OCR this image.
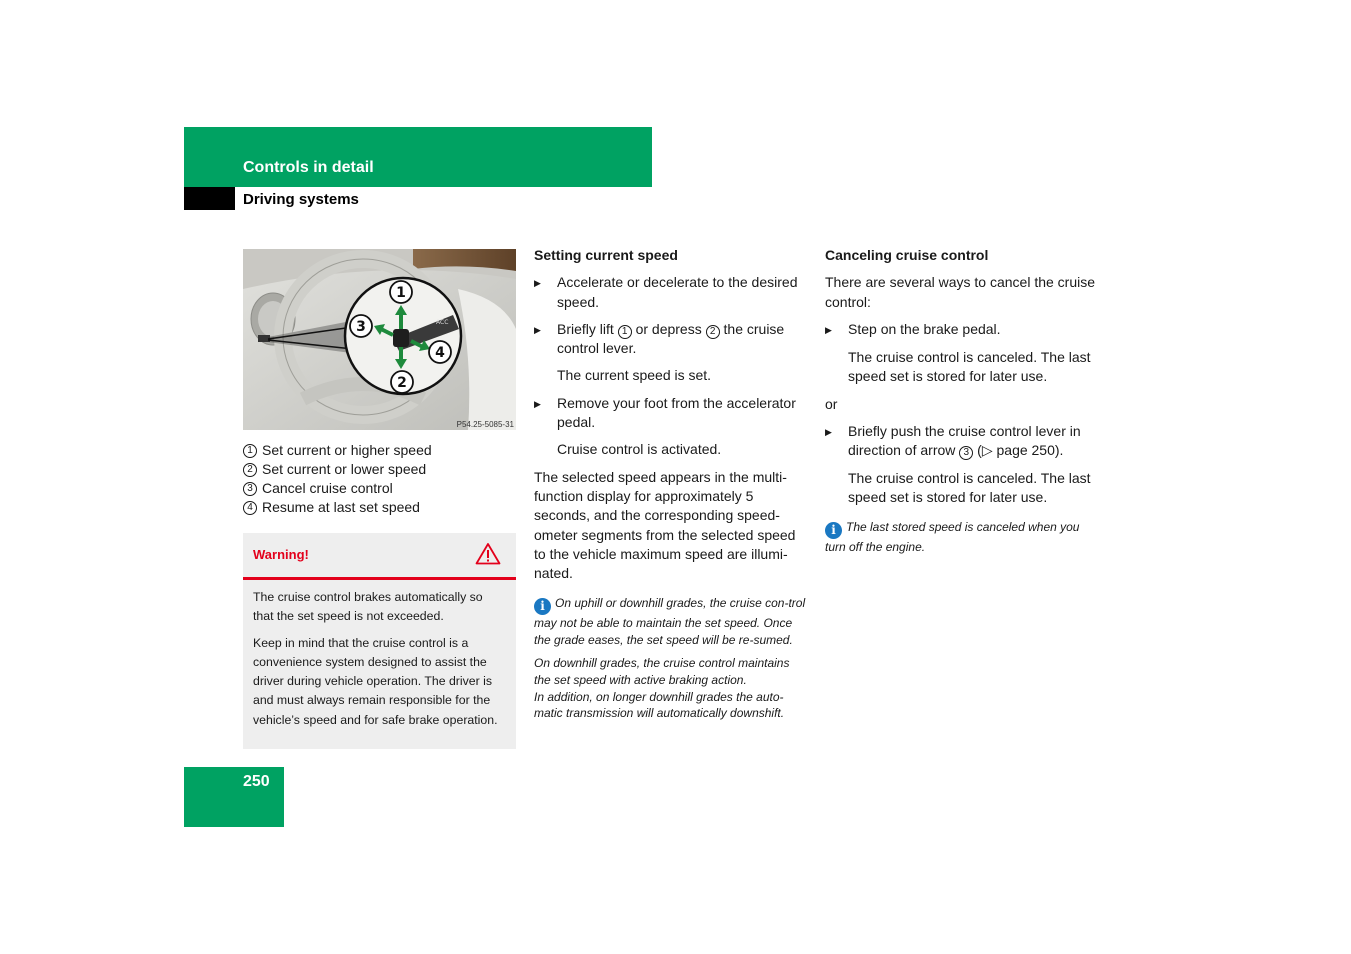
Controls in detail
Driving systems
ACC
1
2
3
4
P54.25-5085-31
1 Set current or higher speed
2 Set current or lower speed
3 Cancel cruise control
4 Resume at last set speed
Warning!

The cruise control brakes automatically so that the set speed is not exceeded.

Keep in mind that the cruise control is a convenience system designed to assist the driver during vehicle operation. The driver is and must always remain responsible for the vehicle’s speed and for safe brake operation.

Setting current speed
▶	Accelerate or decelerate to the desired speed.
▶	Briefly lift 1 or depress 2 the cruise control lever.
The current speed is set.
▶	Remove your foot from the accelerator pedal.
Cruise control is activated.
The selected speed appears in the multi-function display for approximately 5 seconds, and the corresponding speed-ometer segments from the selected speed to the vehicle maximum speed are illumi-nated.
i On uphill or downhill grades, the cruise con-trol may not be able to maintain the set speed. Once the grade eases, the set speed will be re-sumed.
On downhill grades, the cruise control maintains the set speed with active braking action.
In addition, on longer downhill grades the auto-matic transmission will automatically downshift.
Canceling cruise control
There are several ways to cancel the cruise control:
▶	Step on the brake pedal.
The cruise control is canceled. The last speed set is stored for later use.
or
▶	Briefly push the cruise control lever in direction of arrow 3 (▷ page 250).
The cruise control is canceled. The last speed set is stored for later use.
i The last stored speed is canceled when you turn off the engine.
250
